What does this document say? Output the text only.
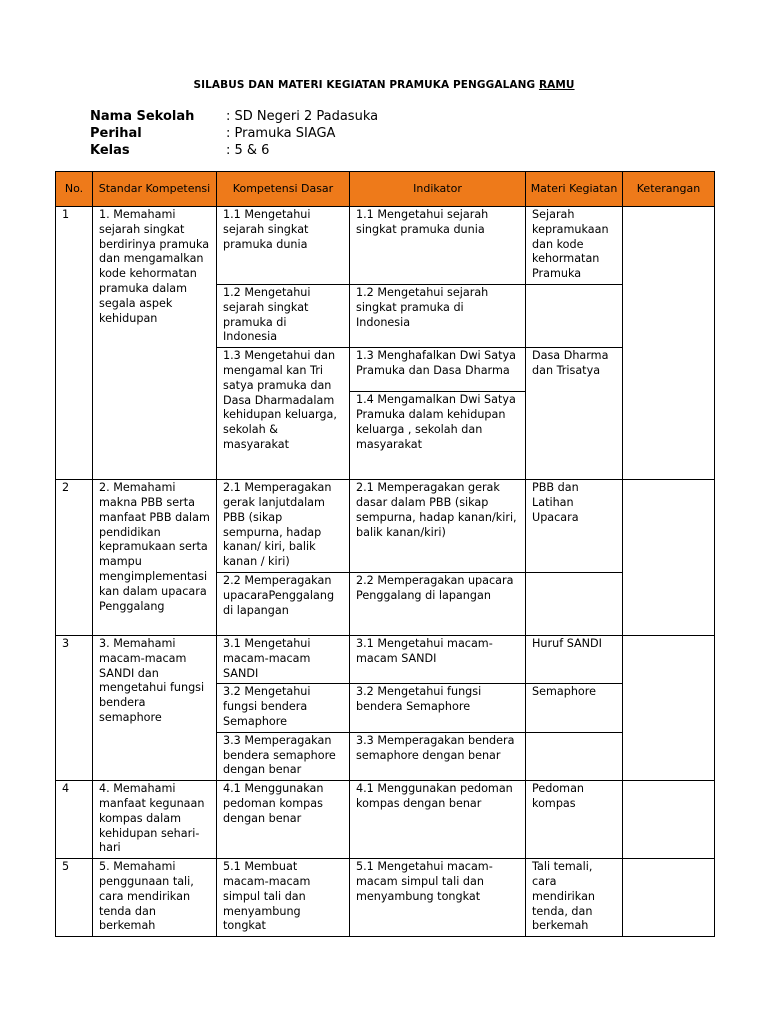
SILABUS DAN MATERI KEGIATAN PRAMUKA PENGGALANG RAMU
Nama Sekolah	: SD Negeri 2 Padasuka
Perihal	: Pramuka SIAGA
Kelas	: 5 & 6
No.	Standar Kompetensi	Kompetensi Dasar	Indikator	Materi Kegiatan	Keterangan
1	1. Memahami sejarah singkat berdirinya pramuka dan mengamalkan kode kehormatan pramuka dalam segala aspek kehidupan	1.1 Mengetahui sejarah singkat pramuka dunia	1.1 Mengetahui sejarah singkat pramuka dunia	Sejarah kepramukaan dan kode kehormatan Pramuka	
		1.2 Mengetahui sejarah singkat pramuka di Indonesia	1.2 Mengetahui sejarah singkat pramuka di Indonesia		
		1.3 Mengetahui dan mengamal kan Tri satya pramuka dan Dasa Dharmadalam kehidupan keluarga, sekolah & masyarakat	1.3 Menghafalkan Dwi Satya Pramuka dan Dasa Dharma	Dasa Dharma dan Trisatya	
			1.4 Mengamalkan Dwi Satya Pramuka dalam kehidupan keluarga , sekolah dan masyarakat		
2	2. Memahami makna PBB serta manfaat PBB dalam pendidikan kepramukaan serta mampu mengimplementasi kan dalam upacara Penggalang	2.1 Memperagakan gerak lanjutdalam PBB (sikap sempurna, hadap kanan/ kiri, balik kanan / kiri)	2.1 Memperagakan gerak dasar dalam PBB (sikap sempurna, hadap kanan/kiri, balik kanan/kiri)	PBB dan Latihan Upacara	
		2.2 Memperagakan upacaraPenggalang di lapangan	2.2 Memperagakan upacara Penggalang di lapangan		
3	3. Memahami macam-macam SANDI dan mengetahui fungsi bendera semaphore	3.1 Mengetahui macam-macam SANDI	3.1 Mengetahui macam-macam SANDI	Huruf SANDI	
		3.2 Mengetahui fungsi bendera Semaphore	3.2 Mengetahui fungsi bendera Semaphore	Semaphore	
		3.3 Memperagakan bendera semaphore dengan benar	3.3 Memperagakan bendera semaphore dengan benar		
4	4. Memahami manfaat kegunaan kompas dalam kehidupan sehari-hari	4.1 Menggunakan pedoman kompas dengan benar	4.1 Menggunakan pedoman kompas dengan benar	Pedoman kompas	
5	5. Memahami penggunaan tali, cara mendirikan tenda dan berkemah	5.1 Membuat macam-macam simpul tali dan menyambung tongkat	5.1 Mengetahui macam-macam simpul tali dan menyambung tongkat	Tali temali, cara mendirikan tenda, dan berkemah	
